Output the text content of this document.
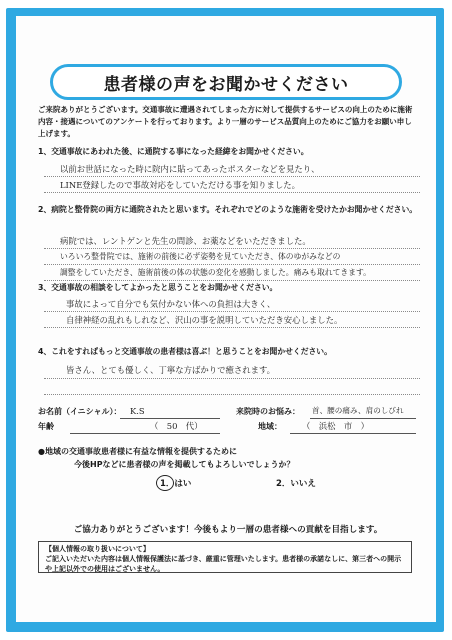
患者様の声をお聞かせください
ご来院ありがとうございます。交通事故に遭遇されてしまった方に対して提供するサービスの向上のために施術内容・接遇についてのアンケートを行っております。より一層のサービス品質向上のためにご協力をお願い申し上げます。
1、交通事故にあわれた後、に通院する事になった経緯をお聞かせください。
以前お世話になった時に院内に貼ってあったポスターなどを見たり、
LINE登録したので事故対応をしていただける事を知りました。
2、病院と整骨院の両方に通院されたと思います。それぞれでどのような施術を受けたかお聞かせください。
病院では、レントゲンと先生の問診、お薬などをいただきました。
いろいろ整骨院では、施術の前後に必ず姿勢を見ていただき、体のゆがみなどの
調整をしていただき、施術前後の体の状態の変化を感動しました。痛みも取れてきます。
3、交通事故の相談をしてよかったと思うことをお聞かせください。
事故によって自分でも気付かない体への負担は大きく、
自律神経の乱れもしれなど、沢山の事を説明していただき安心しました。
4、これをすればもっと交通事故の患者様は喜ぶ！と思うことをお聞かせください。
皆さん、とても優しく、丁寧な方ばかりで癒されます。
お名前（イニシャル）： K.S
年齢	（　50　代）
来院時のお悩み： 首、腰の痛み、肩のしびれ
地域： （　浜松　市　）
●地域の交通事故患者様に有益な情報を提供するために
今後HPなどに患者様の声を掲載してもよろしいでしょうか？
1．はい	2．いいえ
ご協力ありがとうございます！今後もより一層の患者様への貢献を目指します。
【個人情報の取り扱いについて】
ご記入いただいた内容は個人情報保護法に基づき、厳重に管理いたします。患者様の承諾なしに、第三者への開示や上記以外での使用はございません。
